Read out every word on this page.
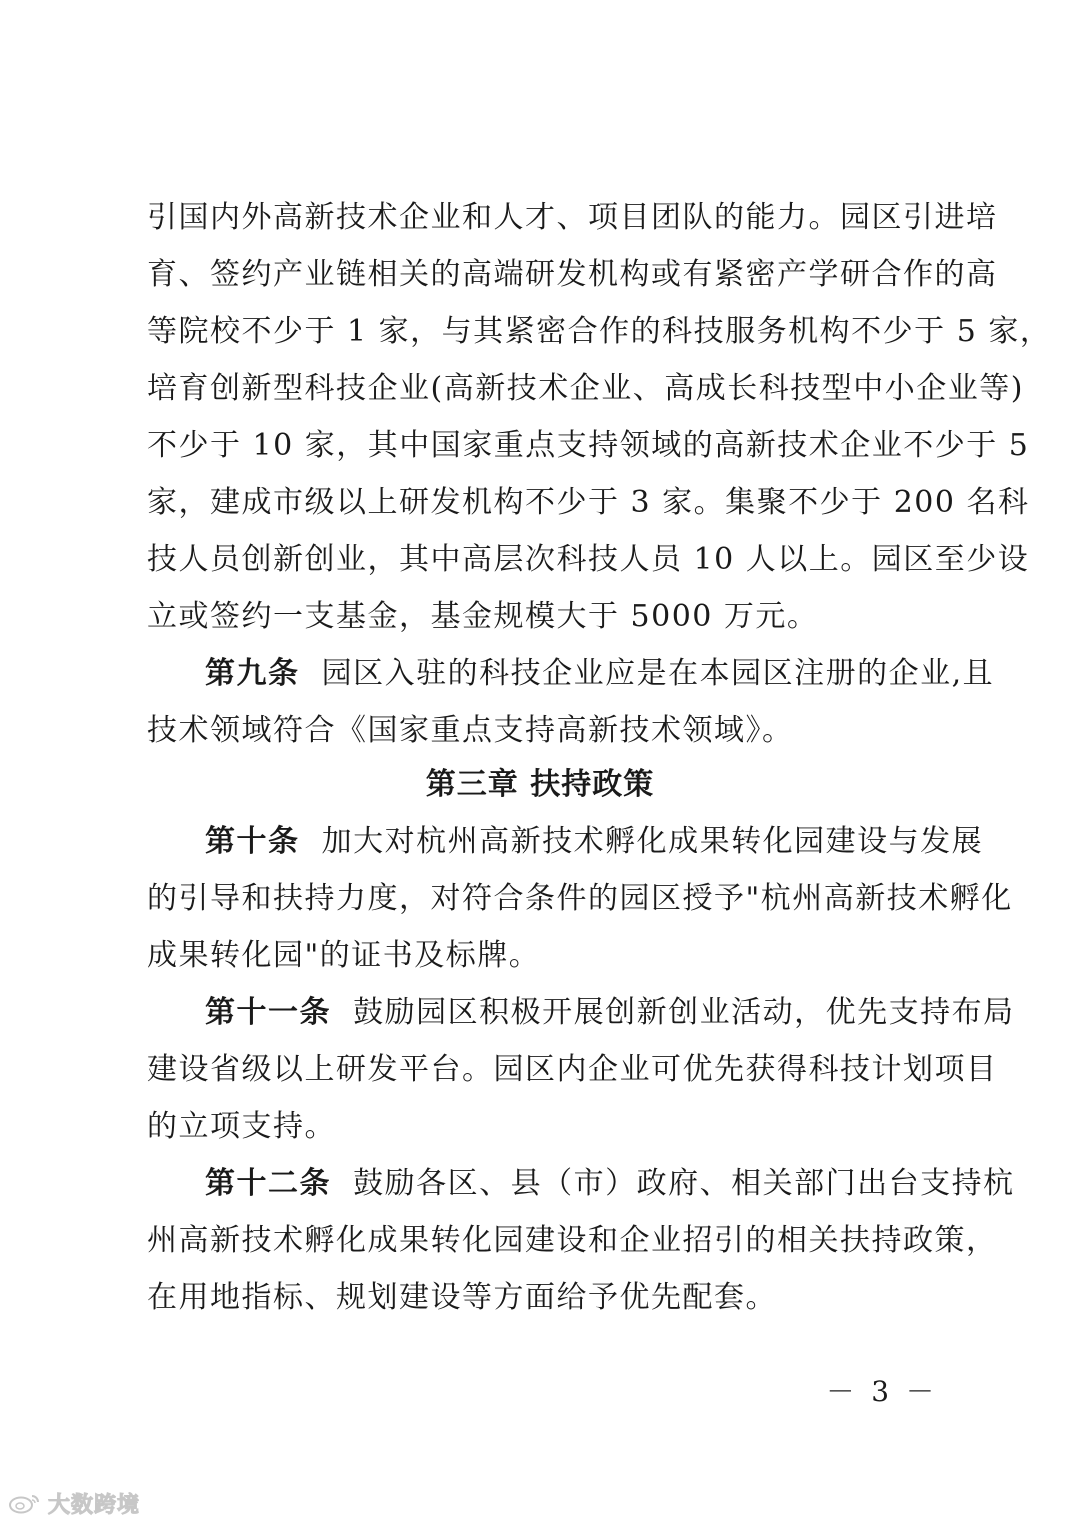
引国内外高新技术企业和人才、项目团队的能力。园区引进培
育、签约产业链相关的高端研发机构或有紧密产学研合作的高
等院校不少于 1 家，与其紧密合作的科技服务机构不少于 5 家，
培育创新型科技企业(高新技术企业、高成长科技型中小企业等)
不少于 10 家，其中国家重点支持领域的高新技术企业不少于 5
家，建成市级以上研发机构不少于 3 家。集聚不少于 200 名科
技人员创新创业，其中高层次科技人员 10 人以上。园区至少设
立或签约一支基金，基金规模大于 5000 万元。
第九条 园区入驻的科技企业应是在本园区注册的企业,且
技术领域符合《国家重点支持高新技术领域》。
第三章 扶持政策
第十条 加大对杭州高新技术孵化成果转化园建设与发展
的引导和扶持力度，对符合条件的园区授予"杭州高新技术孵化
成果转化园"的证书及标牌。
第十一条 鼓励园区积极开展创新创业活动，优先支持布局
建设省级以上研发平台。园区内企业可优先获得科技计划项目
的立项支持。
第十二条 鼓励各区、县（市）政府、相关部门出台支持杭
州高新技术孵化成果转化园建设和企业招引的相关扶持政策，
在用地指标、规划建设等方面给予优先配套。
－ 3 －
大数跨境
